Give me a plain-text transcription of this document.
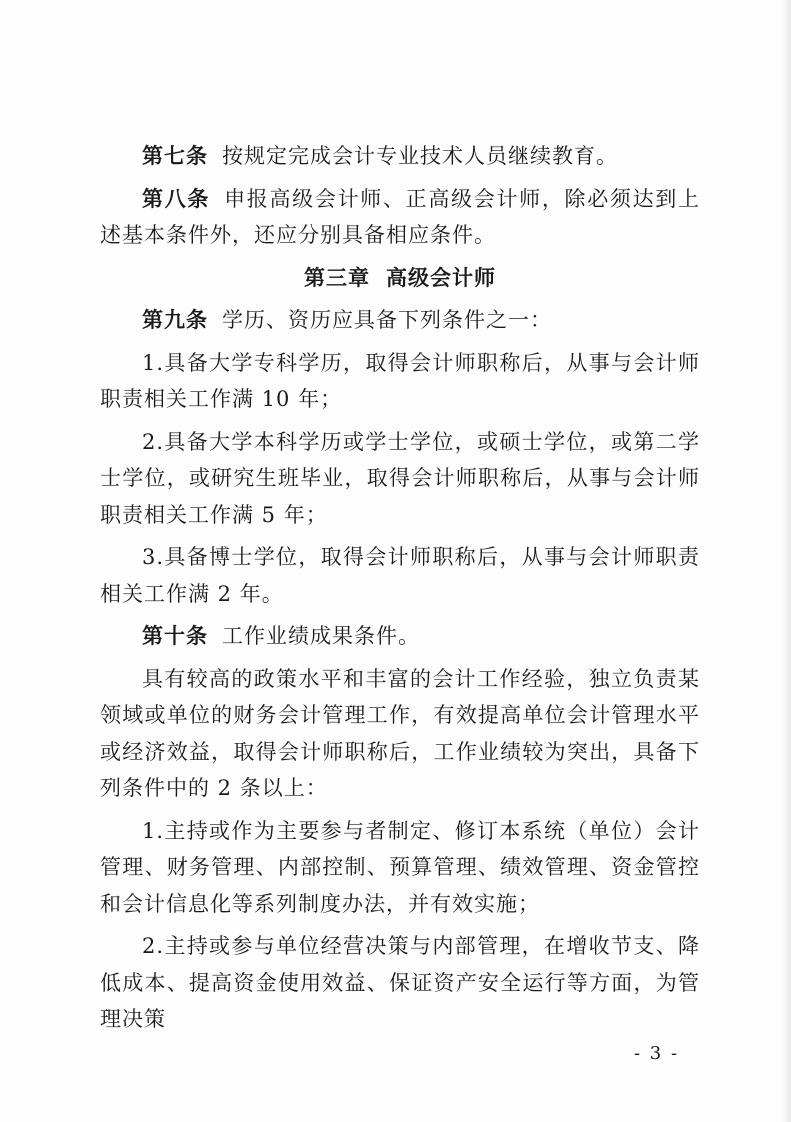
第七条 按规定完成会计专业技术人员继续教育。

第八条 申报高级会计师、正高级会计师，除必须达到上述基本条件外，还应分别具备相应条件。

第三章 高级会计师

第九条 学历、资历应具备下列条件之一：

1.具备大学专科学历，取得会计师职称后，从事与会计师职责相关工作满 10 年；

2.具备大学本科学历或学士学位，或硕士学位，或第二学士学位，或研究生班毕业，取得会计师职称后，从事与会计师职责相关工作满 5 年；

3.具备博士学位，取得会计师职称后，从事与会计师职责相关工作满 2 年。

第十条 工作业绩成果条件。

具有较高的政策水平和丰富的会计工作经验，独立负责某领域或单位的财务会计管理工作，有效提高单位会计管理水平或经济效益，取得会计师职称后，工作业绩较为突出，具备下列条件中的 2 条以上：

1.主持或作为主要参与者制定、修订本系统（单位）会计管理、财务管理、内部控制、预算管理、绩效管理、资金管控和会计信息化等系列制度办法，并有效实施；

2.主持或参与单位经营决策与内部管理，在增收节支、降低成本、提高资金使用效益、保证资产安全运行等方面，为管理决策

- 3 -
